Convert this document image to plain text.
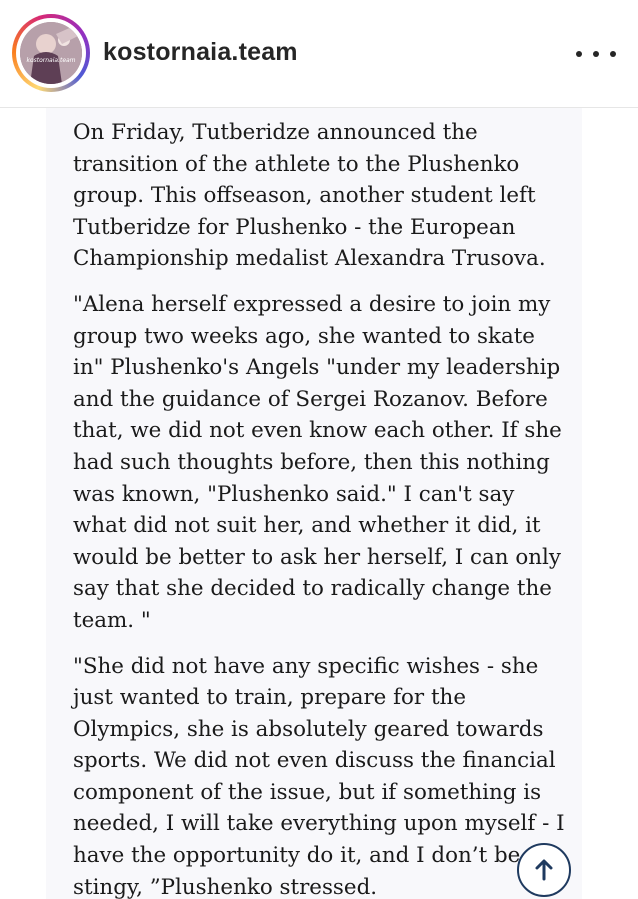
kostornaia.team kostornaia.team

On Friday, Tutberidze announced the transition of the athlete to the Plushenko group. This offseason, another student left Tutberidze for Plushenko - the European Championship medalist Alexandra Trusova.

"Alena herself expressed a desire to join my group two weeks ago, she wanted to skate in" Plushenko's Angels "under my leadership and the guidance of Sergei Rozanov. Before that, we did not even know each other. If she had such thoughts before, then this nothing was known, "Plushenko said." I can't say what did not suit her, and whether it did, it would be better to ask her herself, I can only say that she decided to radically change the team. "

"She did not have any specific wishes - she just wanted to train, prepare for the Olympics, she is absolutely geared towards sports. We did not even discuss the financial component of the issue, but if something is needed, I will take everything upon myself - I have the opportunity do it, and I don’t be stingy, ”Plushenko stressed.
